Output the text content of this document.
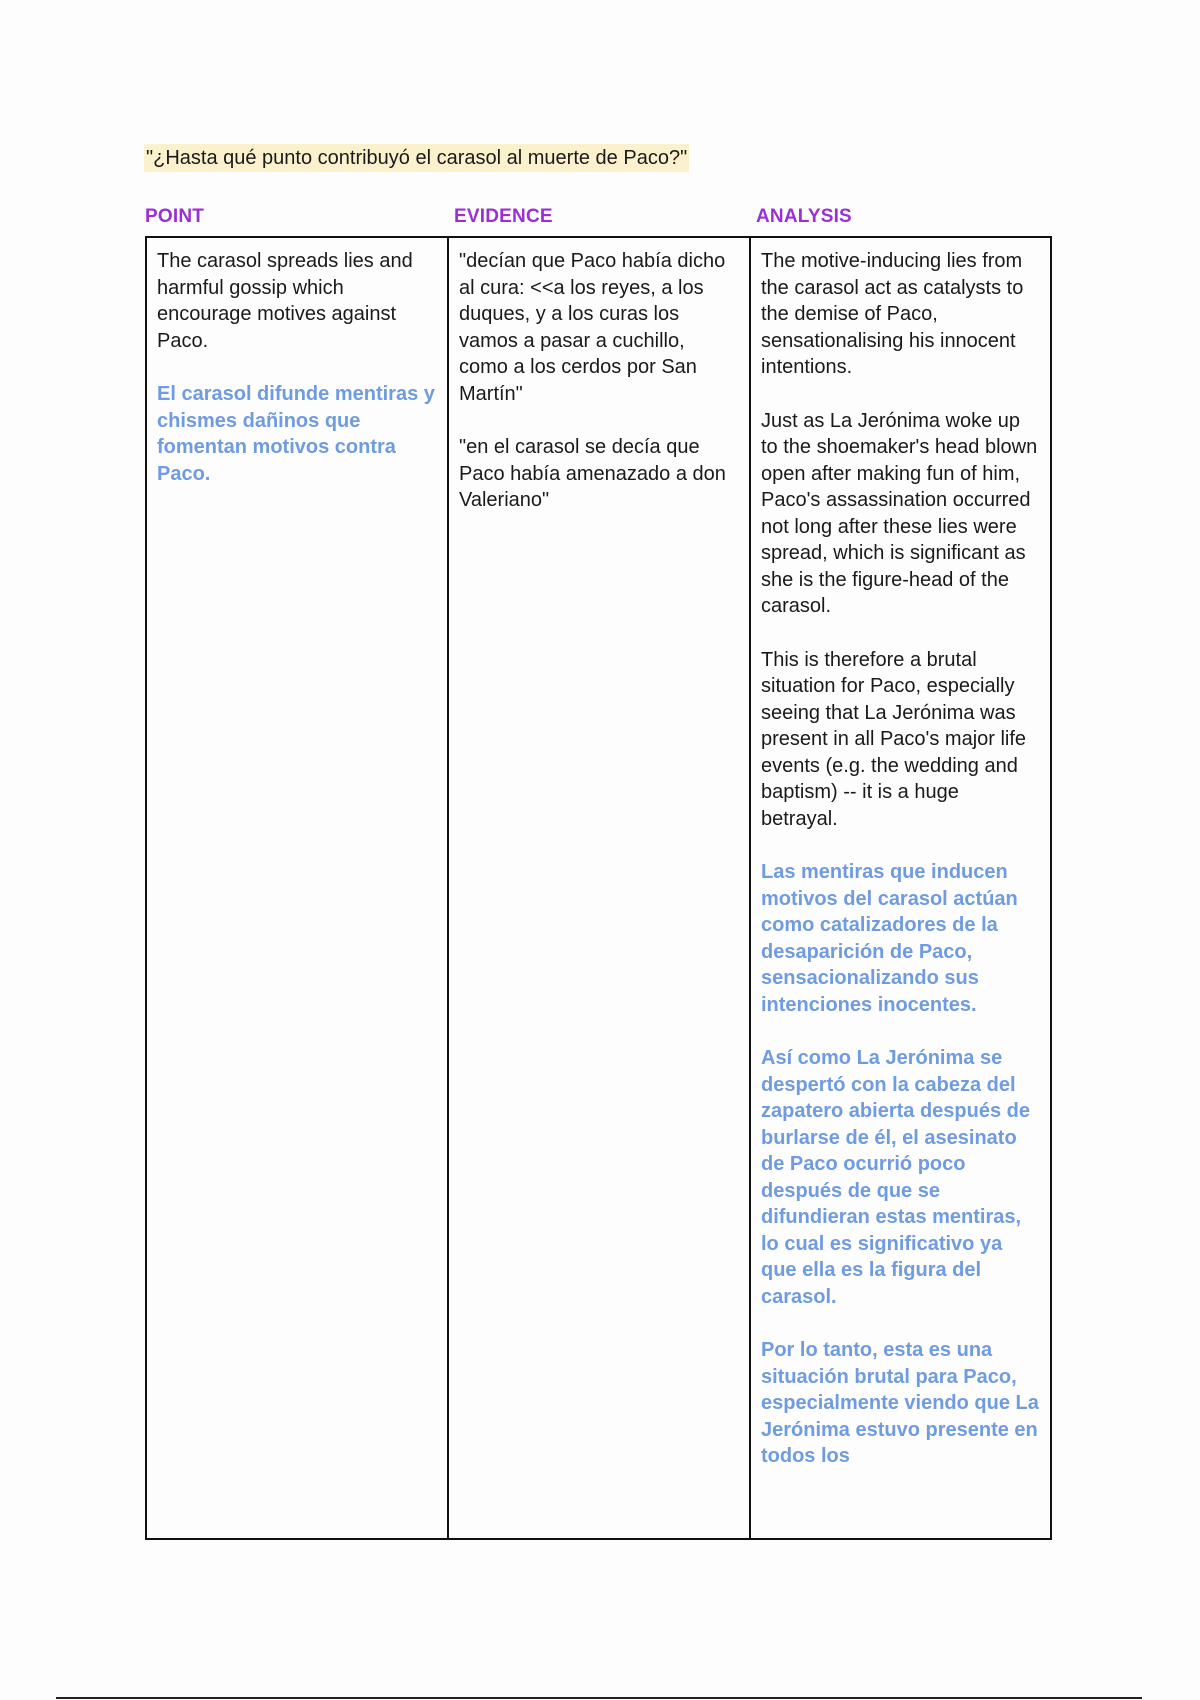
"¿Hasta qué punto contribuyó el carasol al muerte de Paco?"
POINT	EVIDENCE	ANALYSIS

The carasol spreads lies and harmful gossip which encourage motives against Paco.

El carasol difunde mentiras y chismes dañinos que fomentan motivos contra Paco.

"decían que Paco había dicho al cura: <<a los reyes, a los duques, y a los curas los vamos a pasar a cuchillo, como a los cerdos por San Martín"

"en el carasol se decía que Paco había amenazado a don Valeriano"

The motive-inducing lies from the carasol act as catalysts to the demise of Paco, sensationalising his innocent intentions.

Just as La Jerónima woke up to the shoemaker's head blown open after making fun of him, Paco's assassination occurred not long after these lies were spread, which is significant as she is the figure-head of the carasol.

This is therefore a brutal situation for Paco, especially seeing that La Jerónima was present in all Paco's major life events (e.g. the wedding and baptism) -- it is a huge betrayal.

Las mentiras que inducen motivos del carasol actúan como catalizadores de la desaparición de Paco, sensacionalizando sus intenciones inocentes.

Así como La Jerónima se despertó con la cabeza del zapatero abierta después de burlarse de él, el asesinato de Paco ocurrió poco después de que se difundieran estas mentiras, lo cual es significativo ya que ella es la figura del carasol.

Por lo tanto, esta es una situación brutal para Paco, especialmente viendo que La Jerónima estuvo presente en todos los
